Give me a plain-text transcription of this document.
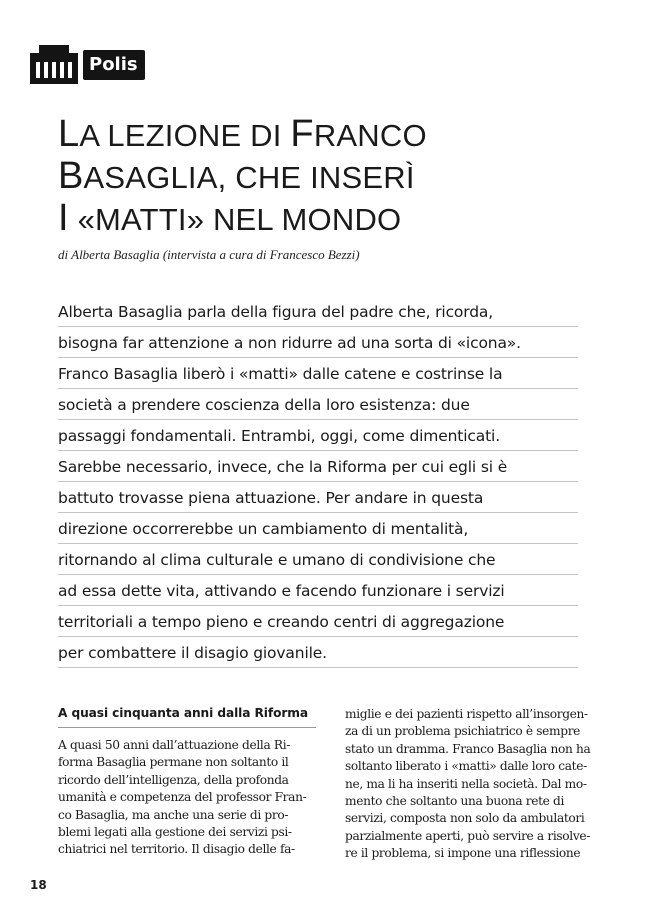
Polis
LA LEZIONE DI FRANCO
BASAGLIA, CHE INSERÌ
I «MATTI» NEL MONDO
di Alberta Basaglia (intervista a cura di Francesco Bezzi)
Alberta Basaglia parla della figura del padre che, ricorda,
bisogna far attenzione a non ridurre ad una sorta di «icona».
Franco Basaglia liberò i «matti» dalle catene e costrinse la
società a prendere coscienza della loro esistenza: due
passaggi fondamentali. Entrambi, oggi, come dimenticati.
Sarebbe necessario, invece, che la Riforma per cui egli si è
battuto trovasse piena attuazione. Per andare in questa
direzione occorrerebbe un cambiamento di mentalità,
ritornando al clima culturale e umano di condivisione che
ad essa dette vita, attivando e facendo funzionare i servizi
territoriali a tempo pieno e creando centri di aggregazione
per combattere il disagio giovanile.
A quasi cinquanta anni dalla Riforma
A quasi 50 anni dall’attuazione della Ri-
forma Basaglia permane non soltanto il
ricordo dell’intelligenza, della profonda
umanità e competenza del professor Fran-
co Basaglia, ma anche una serie di pro-
blemi legati alla gestione dei servizi psi-
chiatrici nel territorio. Il disagio delle fa-
miglie e dei pazienti rispetto all’insorgen-
za di un problema psichiatrico è sempre
stato un dramma. Franco Basaglia non ha
soltanto liberato i «matti» dalle loro cate-
ne, ma li ha inseriti nella società. Dal mo-
mento che soltanto una buona rete di
servizi, composta non solo da ambulatori
parzialmente aperti, può servire a risolve-
re il problema, si impone una riflessione
18
